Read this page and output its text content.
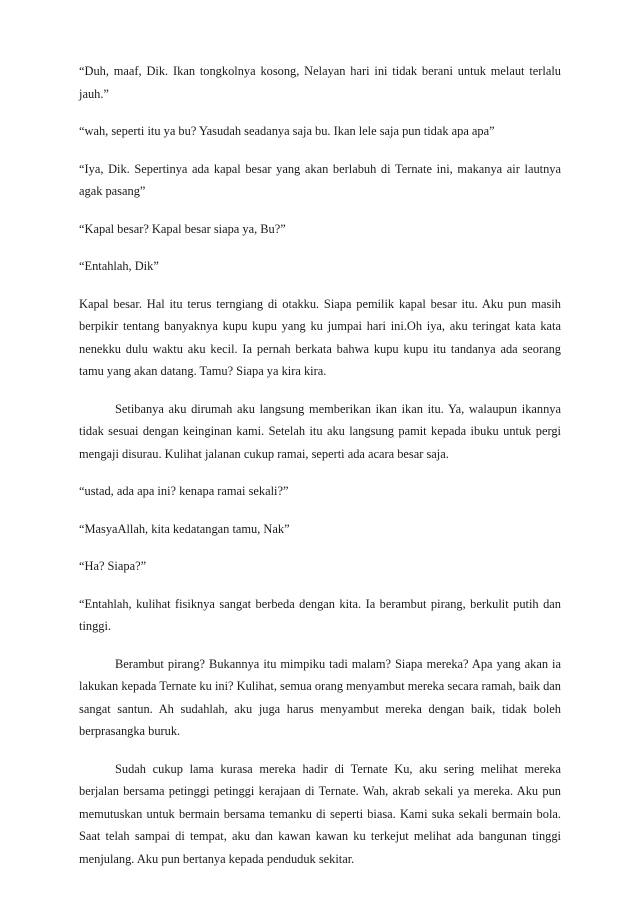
“Duh, maaf, Dik. Ikan tongkolnya kosong, Nelayan hari ini tidak berani untuk melaut terlalu jauh.”

“wah, seperti itu ya bu? Yasudah seadanya saja bu. Ikan lele saja pun tidak apa apa”

“Iya, Dik. Sepertinya ada kapal besar yang akan berlabuh di Ternate ini, makanya air lautnya agak pasang”

“Kapal besar? Kapal besar siapa ya, Bu?”

“Entahlah, Dik”

Kapal besar. Hal itu terus terngiang di otakku. Siapa pemilik kapal besar itu. Aku pun masih berpikir tentang banyaknya kupu kupu yang ku jumpai hari ini.Oh iya, aku teringat kata kata nenekku dulu waktu aku kecil. Ia pernah berkata bahwa kupu kupu itu tandanya ada seorang tamu yang akan datang. Tamu? Siapa ya kira kira.

Setibanya aku dirumah aku langsung memberikan ikan ikan itu. Ya, walaupun ikannya tidak sesuai dengan keinginan kami. Setelah itu aku langsung pamit kepada ibuku untuk pergi mengaji disurau. Kulihat jalanan cukup ramai, seperti ada acara besar saja.

“ustad, ada apa ini? kenapa ramai sekali?”

“MasyaAllah, kita kedatangan tamu, Nak”

“Ha? Siapa?”

“Entahlah, kulihat fisiknya sangat berbeda dengan kita. Ia berambut pirang, berkulit putih dan tinggi.

Berambut pirang? Bukannya itu mimpiku tadi malam? Siapa mereka? Apa yang akan ia lakukan kepada Ternate ku ini? Kulihat, semua orang menyambut mereka secara ramah, baik dan sangat santun. Ah sudahlah, aku juga harus menyambut mereka dengan baik, tidak boleh berprasangka buruk.

Sudah cukup lama kurasa mereka hadir di Ternate Ku, aku sering melihat mereka berjalan bersama petinggi petinggi kerajaan di Ternate. Wah, akrab sekali ya mereka. Aku pun memutuskan untuk bermain bersama temanku di seperti biasa. Kami suka sekali bermain bola. Saat telah sampai di tempat, aku dan kawan kawan ku terkejut melihat ada bangunan tinggi menjulang. Aku pun bertanya kepada penduduk sekitar.
